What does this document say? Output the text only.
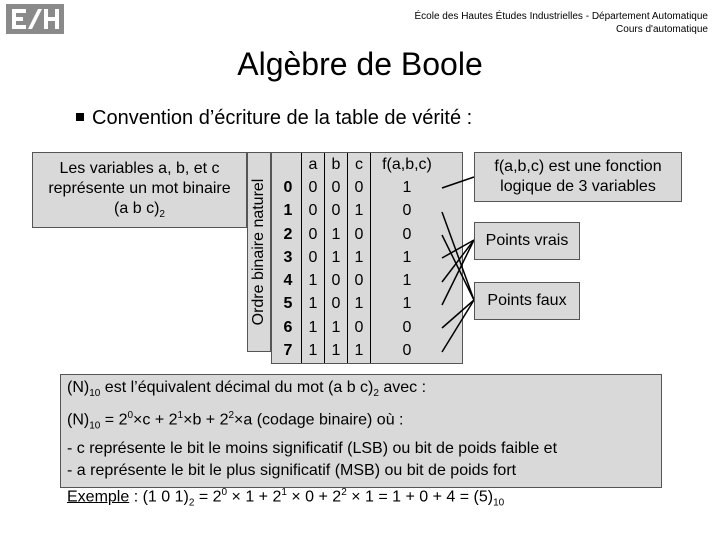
École des Hautes Études Industrielles - Département Automatique
Cours d'automatique
Algèbre de Boole
Convention d’écriture de la table de vérité :
Les variables a, b, et c
représente un mot binaire
(a b $c)_2$	Ordre binaire naturel
	a	b	c	f(a,b,c)
0	0	0	0	1
1	0	0	1	0
2	0	1	0	0
3	0	1	1	1
4	1	0	0	1
5	1	0	1	1
6	1	1	0	0
7	1	1	1	0
f(a,b,c) est une fonction
logique de 3 variables
Points vrais
Points faux
$(N)_{10}$ est l’équivalent décimal du mot (a b $c)_2$ avec :
$(N)_{10} = 2^0\times c + 2^1\times b + 2^2\times a$ (codage binaire) où :
- c représente le bit le moins significatif (LSB) ou bit de poids faible et
- a représente le bit le plus significatif (MSB) ou bit de poids fort
Exemple : (1 0 $1)_2 = 2^0 \times 1 + 2^1 \times 0 + 2^2 \times 1 = 1 + 0 + 4 = (5)_{10}$
